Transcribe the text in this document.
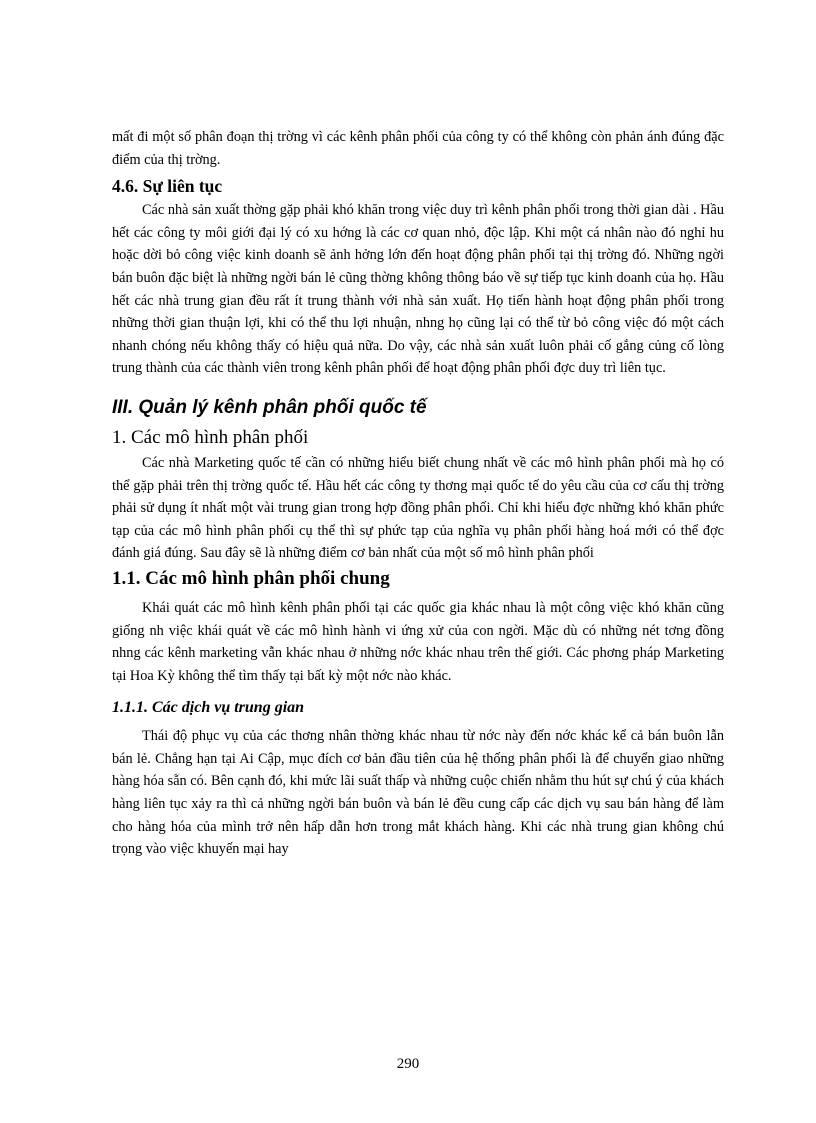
mất đi một số phân đoạn thị trờng vì các kênh phân phối của công ty có thể không còn phản ánh đúng đặc điểm của thị trờng.

4.6. Sự liên tục

Các nhà sản xuất thờng gặp phải khó khăn trong việc duy trì kênh phân phối trong thời gian dài . Hầu hết các công ty môi giới đại lý có xu hớng là các cơ quan nhỏ, độc lập. Khi một cá nhân nào đó nghỉ hu hoặc dời bỏ công việc kinh doanh sẽ ảnh hởng lớn đến hoạt động phân phối tại thị trờng đó. Những ngời bán buôn đặc biệt là những ngời bán lẻ cũng thờng không thông báo về sự tiếp tục kinh doanh của họ. Hầu hết các nhà trung gian đều rất ít trung thành với nhà sản xuất. Họ tiến hành hoạt động phân phối trong những thời gian thuận lợi, khi có thể thu lợi nhuận, nhng họ cũng lại có thể từ bỏ công việc đó một cách nhanh chóng nếu không thấy có hiệu quả nữa. Do vậy, các nhà sản xuất luôn phải cố gắng củng cố lòng trung thành của các thành viên trong kênh phân phối để hoạt động phân phối đợc duy trì liên tục.

III. Quản lý kênh phân phối quốc tế
1. Các mô hình phân phối

Các nhà Marketing quốc tế cần có những hiểu biết chung nhất về các mô hình phân phối mà họ có thể gặp phải trên thị trờng quốc tế. Hầu hết các công ty thơng mại quốc tế do yêu cầu của cơ cấu thị trờng phải sử dụng ít nhất một vài trung gian trong hợp đồng phân phối. Chỉ khi hiểu đợc những khó khăn phức tạp của các mô hình phân phối cụ thể thì sự phức tạp của nghĩa vụ phân phối hàng hoá mới có thể đợc đánh giá đúng. Sau đây sẽ là những điểm cơ bản nhất của một số mô hình phân phối

1.1. Các mô hình phân phối chung

Khái quát các mô hình kênh phân phối tại các quốc gia khác nhau là một công việc khó khăn cũng giống nh việc khái quát về các mô hình hành vi ứng xử của con ngời. Mặc dù có những nét tơng đồng nhng các kênh marketing vẫn khác nhau ở những nớc khác nhau trên thế giới. Các phơng pháp Marketing tại Hoa Kỳ không thể tìm thấy tại bất kỳ một nớc nào khác.

1.1.1. Các dịch vụ trung gian

Thái độ phục vụ của các thơng nhân thờng khác nhau từ nớc này đến nớc khác kể cả bán buôn lẫn bán lẻ. Chẳng hạn tại Ai Cập, mục đích cơ bản đầu tiên của hệ thống phân phối là để chuyển giao những hàng hóa sẵn có. Bên cạnh đó, khi mức lãi suất thấp và những cuộc chiến nhằm thu hút sự chú ý của khách hàng liên tục xảy ra thì cả những ngời bán buôn và bán lẻ đều cung cấp các dịch vụ sau bán hàng để làm cho hàng hóa của mình trở nên hấp dẫn hơn trong mắt khách hàng. Khi các nhà trung gian không chú trọng vào việc khuyến mại hay

290
